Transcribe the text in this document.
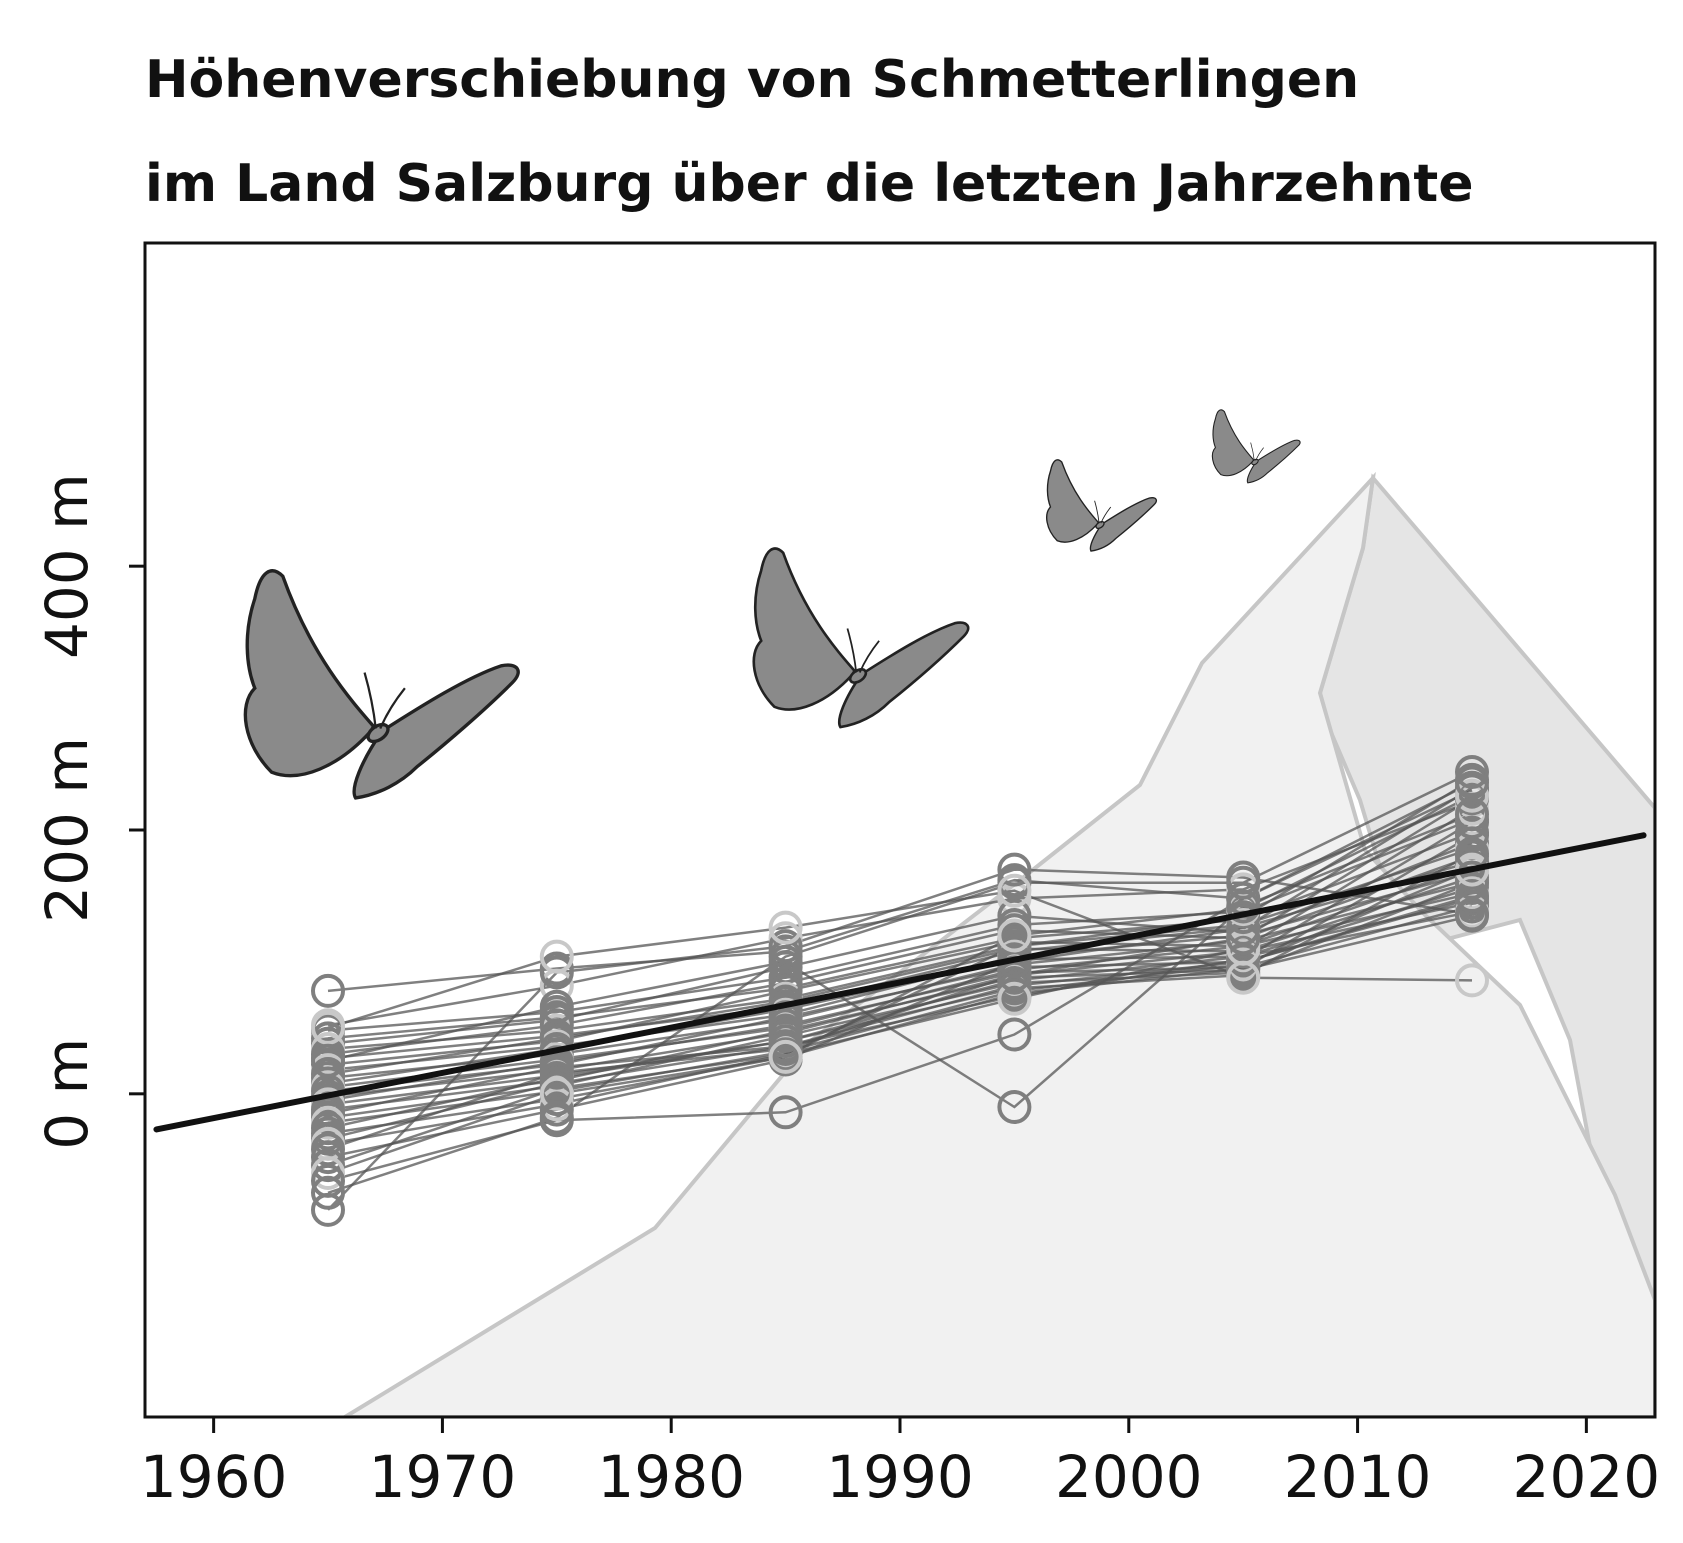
Höhenverschiebung von Schmetterlingen
im Land Salzburg über die letzten Jahrzehnte
1960 1970 1980 1990 2000 2010 2020
0 m
200 m
400 m
